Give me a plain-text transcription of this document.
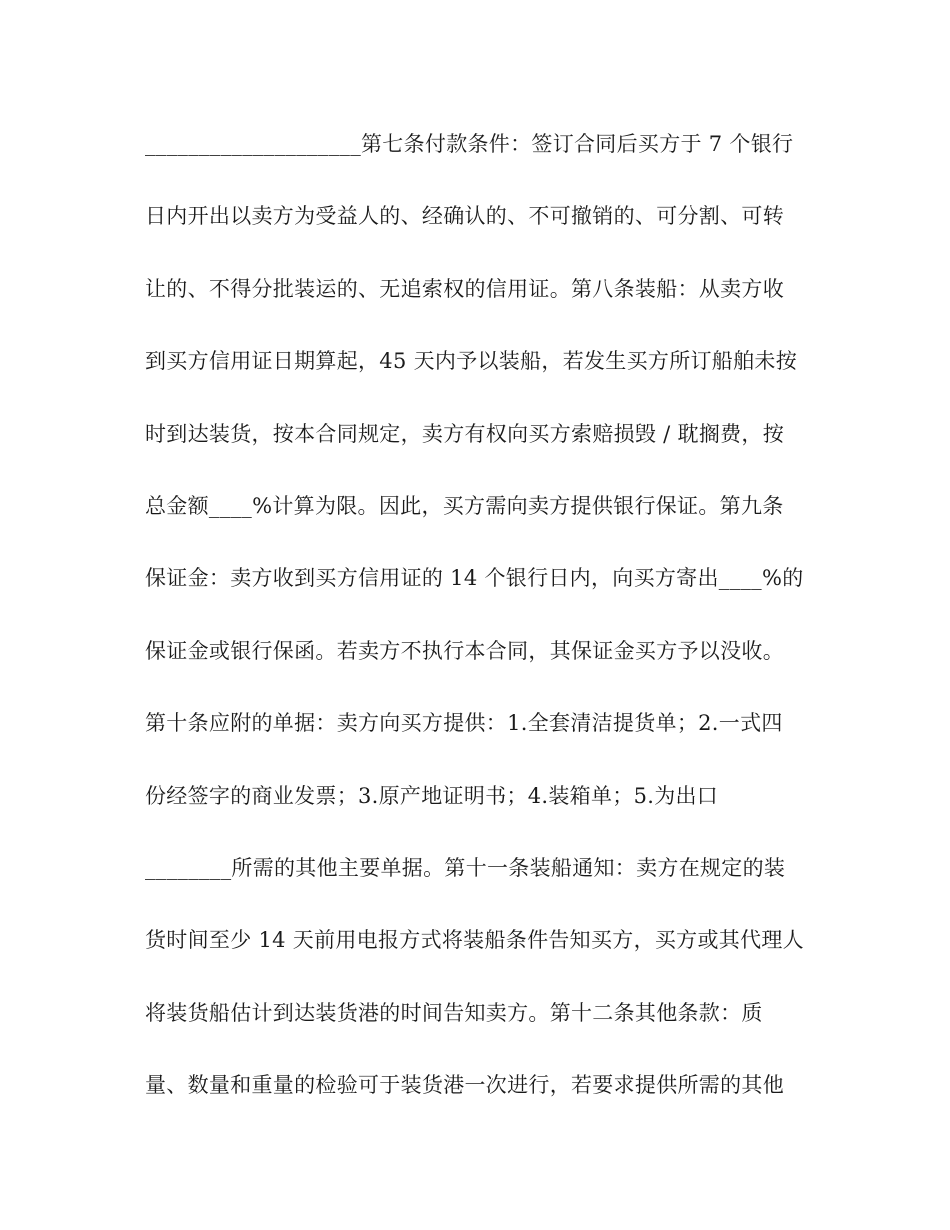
____________________第七条付款条件：签订合同后买方于 7 个银行
日内开出以卖方为受益人的、经确认的、不可撤销的、可分割、可转
让的、不得分批装运的、无追索权的信用证。第八条装船：从卖方收
到买方信用证日期算起，45 天内予以装船，若发生买方所订船舶未按
时到达装货，按本合同规定，卖方有权向买方索赔损毁 / 耽搁费，按
总金额____%计算为限。因此，买方需向卖方提供银行保证。第九条
保证金：卖方收到买方信用证的 14 个银行日内，向买方寄出____%的
保证金或银行保函。若卖方不执行本合同，其保证金买方予以没收。
第十条应附的单据：卖方向买方提供：1.全套清洁提货单；2.一式四
份经签字的商业发票；3.原产地证明书；4.装箱单；5.为出口
________所需的其他主要单据。第十一条装船通知：卖方在规定的装
货时间至少 14 天前用电报方式将装船条件告知买方，买方或其代理人
将装货船估计到达装货港的时间告知卖方。第十二条其他条款：质
量、数量和重量的检验可于装货港一次进行，若要求提供所需的其他
